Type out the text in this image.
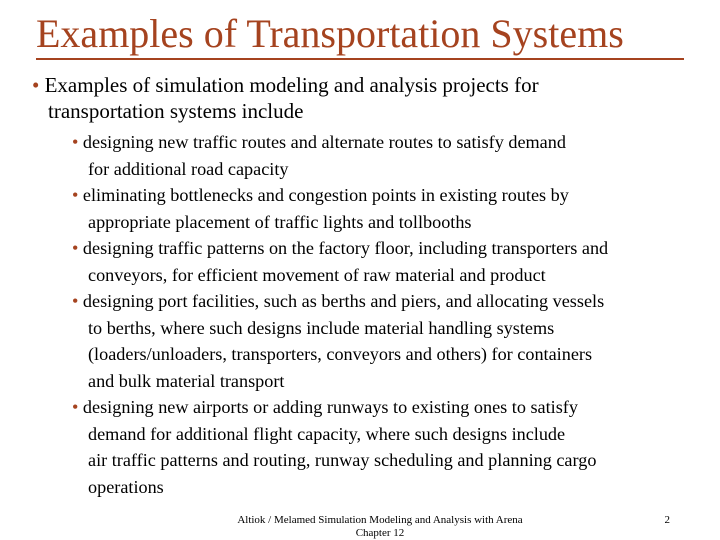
Examples of Transportation Systems
• Examples of simulation modeling and analysis projects for
transportation systems include
• designing new traffic routes and alternate routes to satisfy demand
for additional road capacity
• eliminating bottlenecks and congestion points in existing routes by
appropriate placement of traffic lights and tollbooths
• designing traffic patterns on the factory floor, including transporters and
conveyors, for efficient movement of raw material and product
• designing port facilities, such as berths and piers, and allocating vessels
to berths, where such designs include material handling systems
(loaders/unloaders, transporters, conveyors and others) for containers
and bulk material transport
• designing new airports or adding runways to existing ones to satisfy
demand for additional flight capacity, where such designs include
air traffic patterns and routing, runway scheduling and planning cargo
operations
Altiok / Melamed Simulation Modeling and Analysis with Arena
Chapter 12
2
